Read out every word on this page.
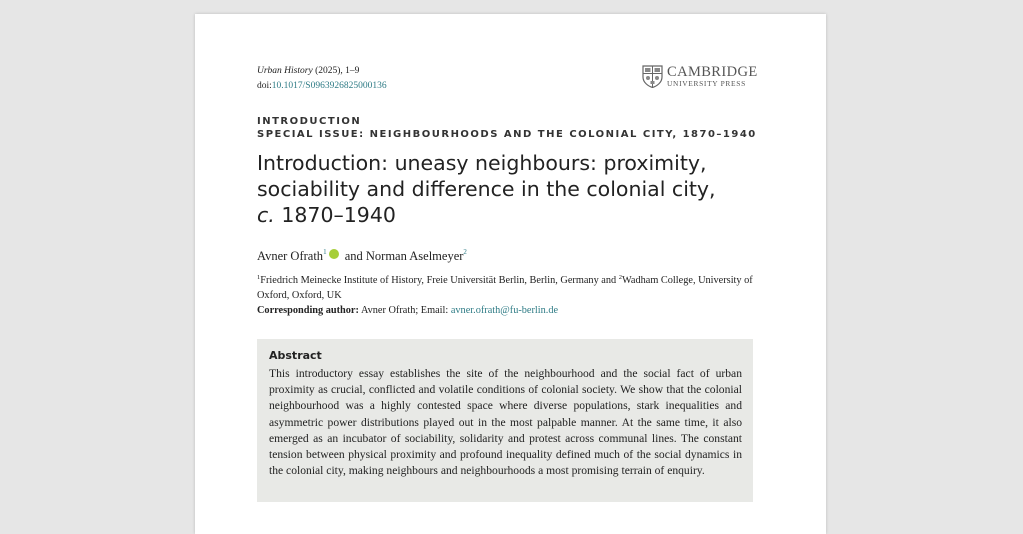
Urban History (2025), 1–9
doi:10.1017/S0963926825000136
CAMBRIDGE
UNIVERSITY PRESS
INTRODUCTION
SPECIAL ISSUE: NEIGHBOURHOODS AND THE COLONIAL CITY, 1870–1940
Introduction: uneasy neighbours: proximity,
sociability and difference in the colonial city,
c. 1870–1940
Avner Ofrath$^1$ and Norman Aselmeyer$^2$
$^1$Friedrich Meinecke Institute of History, Freie Universität Berlin, Berlin, Germany and $^2$Wadham College, University of Oxford, Oxford, UK
Corresponding author: Avner Ofrath; Email: avner.ofrath@fu-berlin.de
Abstract
This introductory essay establishes the site of the neighbourhood and the social fact of urban proximity as crucial, conflicted and volatile conditions of colonial society. We show that the colonial neighbourhood was a highly contested space where diverse populations, stark inequalities and asymmetric power distributions played out in the most palpable manner. At the same time, it also emerged as an incubator of sociability, solidarity and protest across communal lines. The constant tension between physical proximity and profound inequality defined much of the social dynamics in the colonial city, making neighbours and neighbourhoods a most promising terrain of enquiry.
